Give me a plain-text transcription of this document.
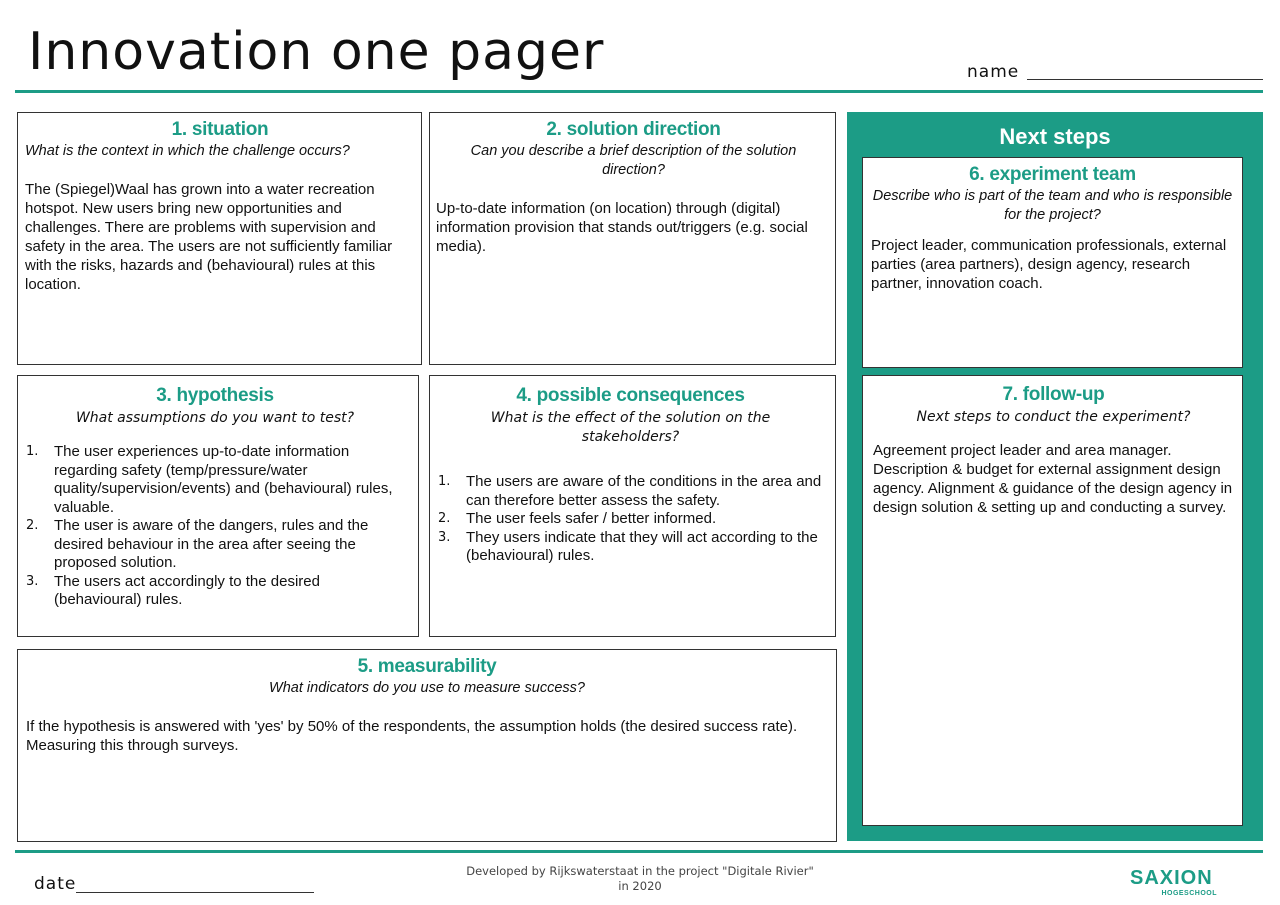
Innovation one pager	name
1. situation

What is the context in which the challenge occurs?

The (Spiegel)Waal has grown into a water recreation hotspot. New users bring new opportunities and challenges. There are problems with supervision and safety in the area. The users are not sufficiently familiar with the risks, hazards and (behavioural) rules at this location.
2. solution direction

Can you describe a brief description of the solution direction?

Up-to-date information (on location) through (digital) information provision that stands out/triggers (e.g. social media).
3. hypothesis

What assumptions do you want to test?

1.	The user experiences up-to-date information regarding safety (temp/pressure/water quality/supervision/events) and (behavioural) rules, valuable.
2.	The user is aware of the dangers, rules and the desired behaviour in the area after seeing the proposed solution.
3.	The users act accordingly to the desired (behavioural) rules.
4. possible consequences

What is the effect of the solution on the stakeholders?

1.	The users are aware of the conditions in the area and can therefore better assess the safety.
2.	The user feels safer / better informed.
3.	They users indicate that they will act according to the (behavioural) rules.
5. measurability

What indicators do you use to measure success?

If the hypothesis is answered with 'yes' by 50% of the respondents, the assumption holds (the desired success rate). Measuring this through surveys.
Next steps
6. experiment team

Describe who is part of the team and who is responsible for the project?

Project leader, communication professionals, external parties (area partners), design agency, research partner, innovation coach.
7. follow-up

Next steps to conduct the experiment?

Agreement project leader and area manager. Description & budget for external assignment design agency. Alignment & guidance of the design agency in design solution & setting up and conducting a survey.
date
Developed by Rijkswaterstaat in the project "Digitale Rivier"
in 2020	SAXION
HOGESCHOOL
